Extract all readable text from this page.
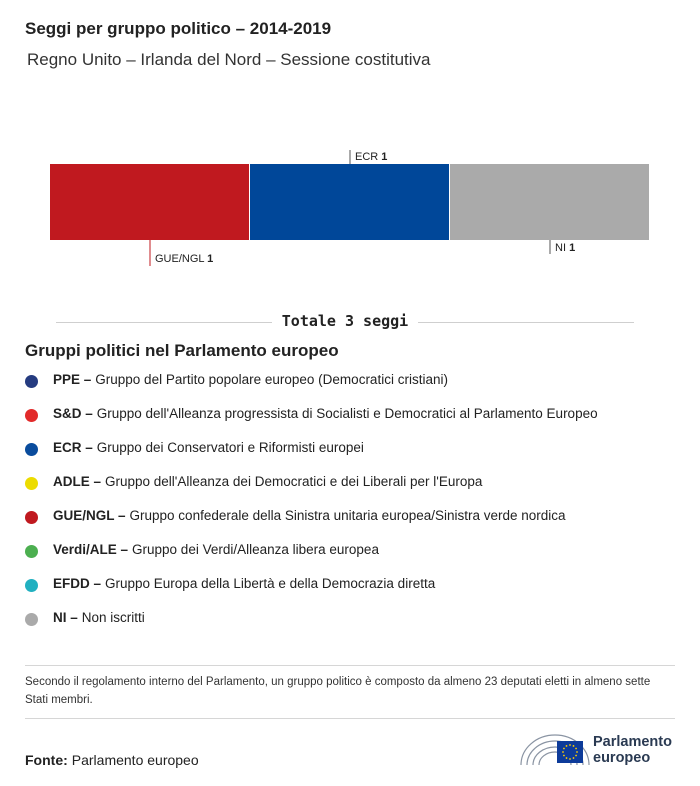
Seggi per gruppo politico – 2014-2019
Regno Unito – Irlanda del Nord – Sessione costitutiva
GUE/NGL 1
ECR 1
NI 1
Totale 3 seggi
Gruppi politici nel Parlamento europeo
PPE – Gruppo del Partito popolare europeo (Democratici cristiani)
S&D – Gruppo dell'Alleanza progressista di Socialisti e Democratici al Parlamento Europeo
ECR – Gruppo dei Conservatori e Riformisti europei
ADLE – Gruppo dell'Alleanza dei Democratici e dei Liberali per l'Europa
GUE/NGL – Gruppo confederale della Sinistra unitaria europea/Sinistra verde nordica
Verdi/ALE – Gruppo dei Verdi/Alleanza libera europea
EFDD – Gruppo Europa della Libertà e della Democrazia diretta
NI – Non iscritti
Secondo il regolamento interno del Parlamento, un gruppo politico è composto da almeno 23 deputati eletti in almeno sette Stati membri.
Fonte: Parlamento europeo
Parlamento
europeo
